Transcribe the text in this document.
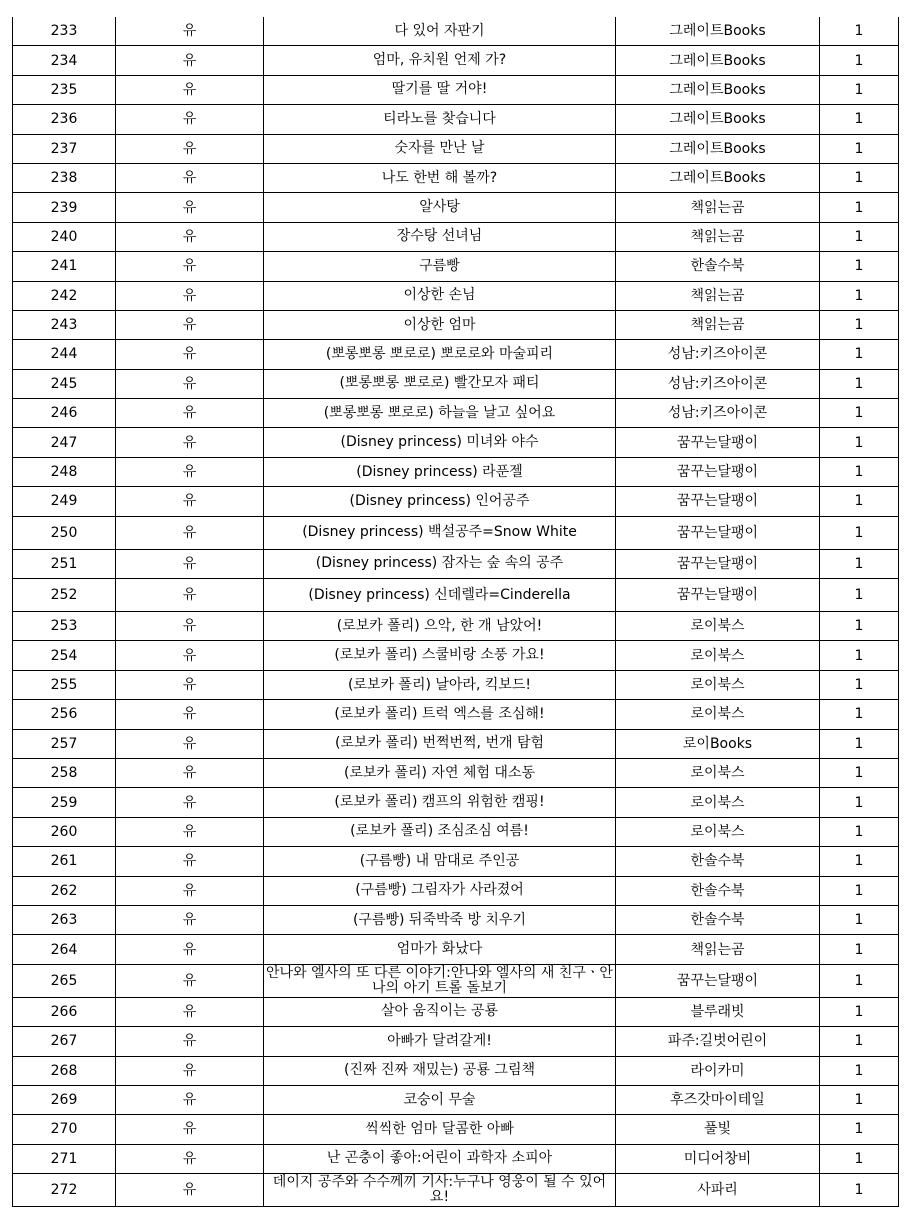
233	유	다 있어 자판기	그레이트Books	1
234	유	엄마, 유치원 언제 가?	그레이트Books	1
235	유	딸기를 딸 거야!	그레이트Books	1
236	유	티라노를 찾습니다	그레이트Books	1
237	유	숫자를 만난 날	그레이트Books	1
238	유	나도 한번 해 볼까?	그레이트Books	1
239	유	알사탕	책읽는곰	1
240	유	장수탕 선녀님	책읽는곰	1
241	유	구름빵	한솔수북	1
242	유	이상한 손님	책읽는곰	1
243	유	이상한 엄마	책읽는곰	1
244	유	(뽀롱뽀롱 뽀로로) 뽀로로와 마술피리	성남:키즈아이콘	1
245	유	(뽀롱뽀롱 뽀로로) 빨간모자 패티	성남:키즈아이콘	1
246	유	(뽀롱뽀롱 뽀로로) 하늘을 날고 싶어요	성남:키즈아이콘	1
247	유	(Disney princess) 미녀와 야수	꿈꾸는달팽이	1
248	유	(Disney princess) 라푼젤	꿈꾸는달팽이	1
249	유	(Disney princess) 인어공주	꿈꾸는달팽이	1
250	유	(Disney princess) 백설공주=Snow White	꿈꾸는달팽이	1
251	유	(Disney princess) 잠자는 숲 속의 공주	꿈꾸는달팽이	1
252	유	(Disney princess) 신데렐라=Cinderella	꿈꾸는달팽이	1
253	유	(로보카 폴리) 으악, 한 개 남았어!	로이북스	1
254	유	(로보카 폴리) 스쿨비랑 소풍 가요!	로이북스	1
255	유	(로보카 폴리) 날아라, 킥보드!	로이북스	1
256	유	(로보카 폴리) 트럭 엑스를 조심해!	로이북스	1
257	유	(로보카 폴리) 번쩍번쩍, 번개 탐험	로이Books	1
258	유	(로보카 폴리) 자연 체험 대소동	로이북스	1
259	유	(로보카 폴리) 캠프의 위험한 캠핑!	로이북스	1
260	유	(로보카 폴리) 조심조심 여름!	로이북스	1
261	유	(구름빵) 내 맘대로 주인공	한솔수북	1
262	유	(구름빵) 그림자가 사라졌어	한솔수북	1
263	유	(구름빵) 뒤죽박죽 방 치우기	한솔수북	1
264	유	엄마가 화났다	책읽는곰	1
265	유	안나와 엘사의 또 다른 이야기:안나와 엘사의 새 친구ㆍ안나의 아기 트롤 돌보기	꿈꾸는달팽이	1
266	유	살아 움직이는 공룡	블루래빗	1
267	유	아빠가 달려갈게!	파주:길벗어린이	1
268	유	(진짜 진짜 재밌는) 공룡 그림책	라이카미	1
269	유	코숭이 무술	후즈갓마이테일	1
270	유	씩씩한 엄마 달콤한 아빠	풀빛	1
271	유	난 곤충이 좋아:어린이 과학자 소피아	미디어창비	1
272	유	데이지 공주와 수수께끼 기사:누구나 영웅이 될 수 있어요!	사파리	1
